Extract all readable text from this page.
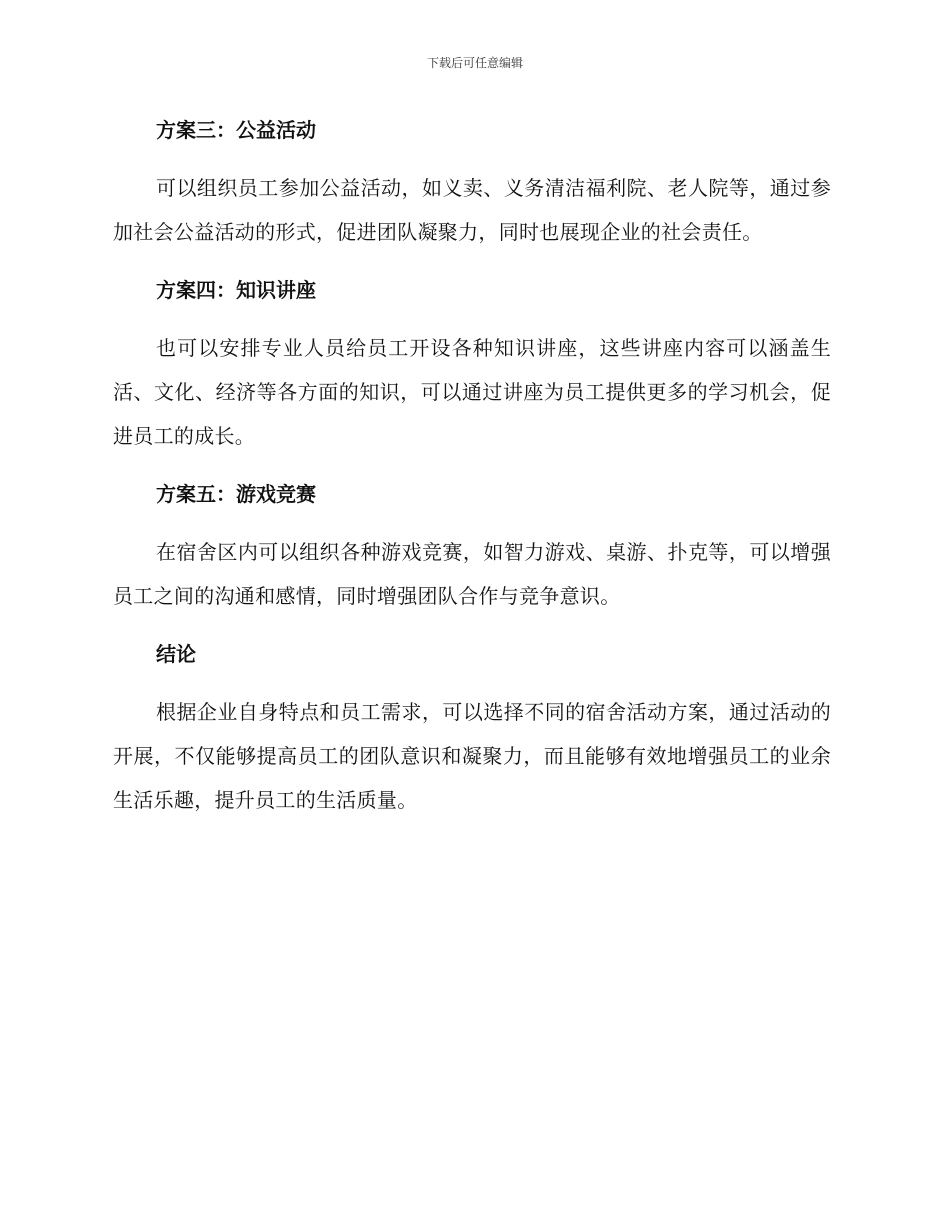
下载后可任意编辑
方案三：公益活动
可以组织员工参加公益活动，如义卖、义务清洁福利院、老人院等，通过参加社会公益活动的形式，促进团队凝聚力，同时也展现企业的社会责任。
方案四：知识讲座
也可以安排专业人员给员工开设各种知识讲座，这些讲座内容可以涵盖生活、文化、经济等各方面的知识，可以通过讲座为员工提供更多的学习机会，促进员工的成长。
方案五：游戏竞赛
在宿舍区内可以组织各种游戏竞赛，如智力游戏、桌游、扑克等，可以增强员工之间的沟通和感情，同时增强团队合作与竞争意识。
结论
根据企业自身特点和员工需求，可以选择不同的宿舍活动方案，通过活动的开展，不仅能够提高员工的团队意识和凝聚力，而且能够有效地增强员工的业余生活乐趣，提升员工的生活质量。
